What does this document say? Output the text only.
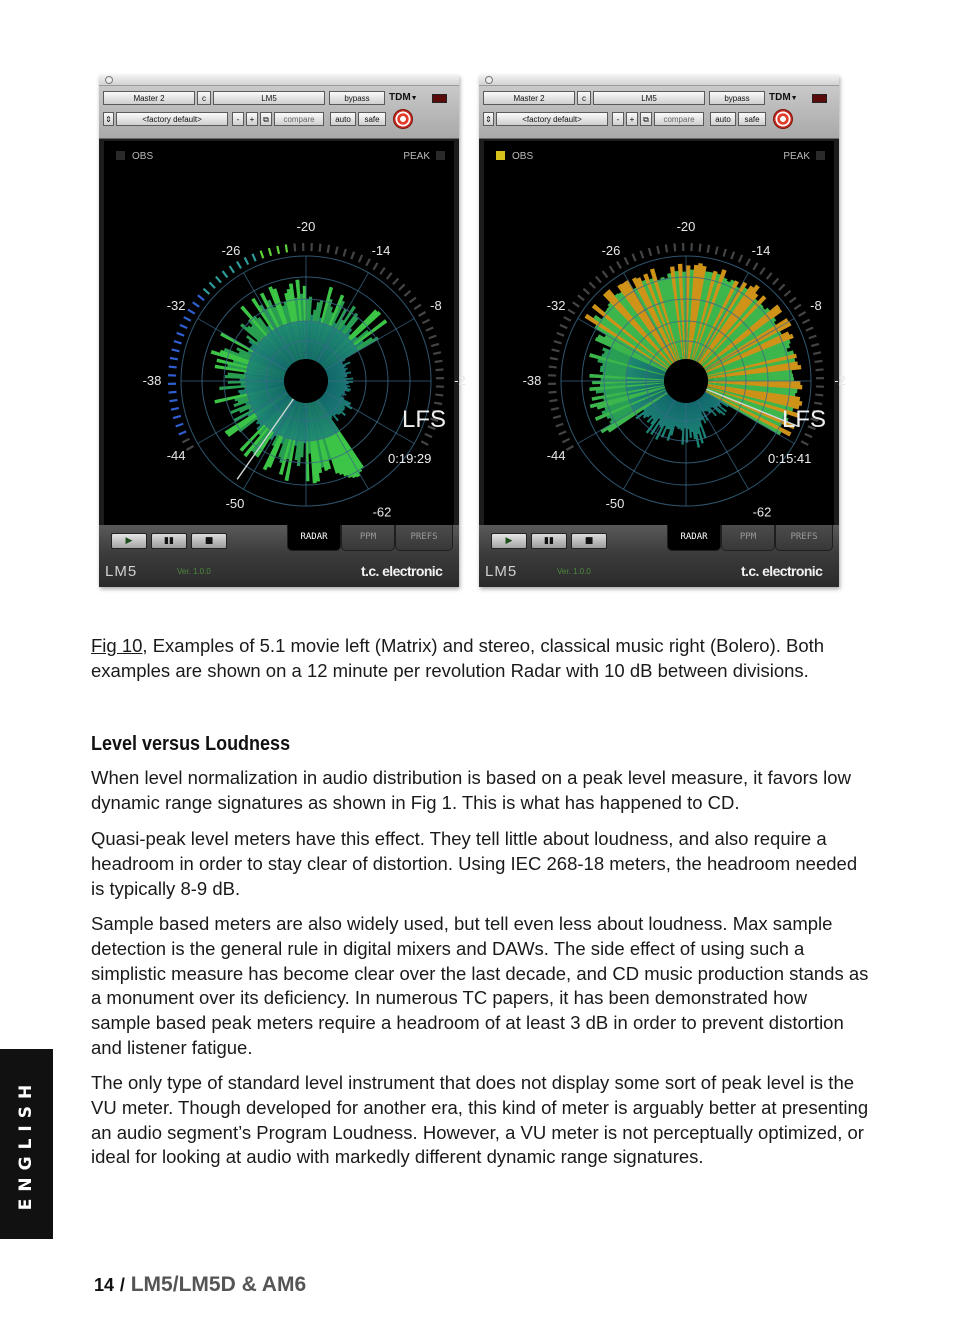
Master 2	c	LM5	bypass	TDM▼
⇕	<factory default>	-	+	⧉	compare	auto	safe
-20
-14
-8
-2
-62
-50
-44
-38
-32
-26
OBS	PEAK
LFS
0:19:29
▶	▮▮	■	RADAR	PPM	PREFS
LM5	Ver. 1.0.0	t.c. electronic
Master 2	c	LM5	bypass	TDM▼
⇕	<factory default>	-	+	⧉	compare	auto	safe
-20
-14
-8
-2
-62
-50
-44
-38
-32
-26
OBS	PEAK
LFS
0:15:41
▶	▮▮	■	RADAR	PPM	PREFS
LM5	Ver. 1.0.0	t.c. electronic

Fig 10, Examples of 5.1 movie left (Matrix) and stereo, classical music right (Bolero). Both examples are shown on a 12 minute per revolution Radar with 10 dB between divisions.

Level versus Loudness

When level normalization in audio distribution is based on a peak level measure, it favors low dynamic range signatures as shown in Fig 1. This is what has happened to CD.

Quasi-peak level meters have this effect. They tell little about loudness, and also require a headroom in order to stay clear of distortion. Using IEC 268-18 meters, the headroom needed is typically 8-9 dB.

Sample based meters are also widely used, but tell even less about loudness. Max sample detection is the general rule in digital mixers and DAWs. The side effect of using such a simplistic measure has become clear over the last decade, and CD music production stands as a monument over its deficiency. In numerous TC papers, it has been demonstrated how sample based peak meters require a headroom of at least 3 dB in order to prevent distortion and listener fatigue.

The only type of standard level instrument that does not display some sort of peak level is the VU meter. Though developed for another era, this kind of meter is arguably better at presenting an audio segment’s Program Loudness. However, a VU meter is not perceptually optimized, or ideal for looking at audio with markedly different dynamic range signatures.

ENGLISH

14 / LM5/LM5D & AM6
